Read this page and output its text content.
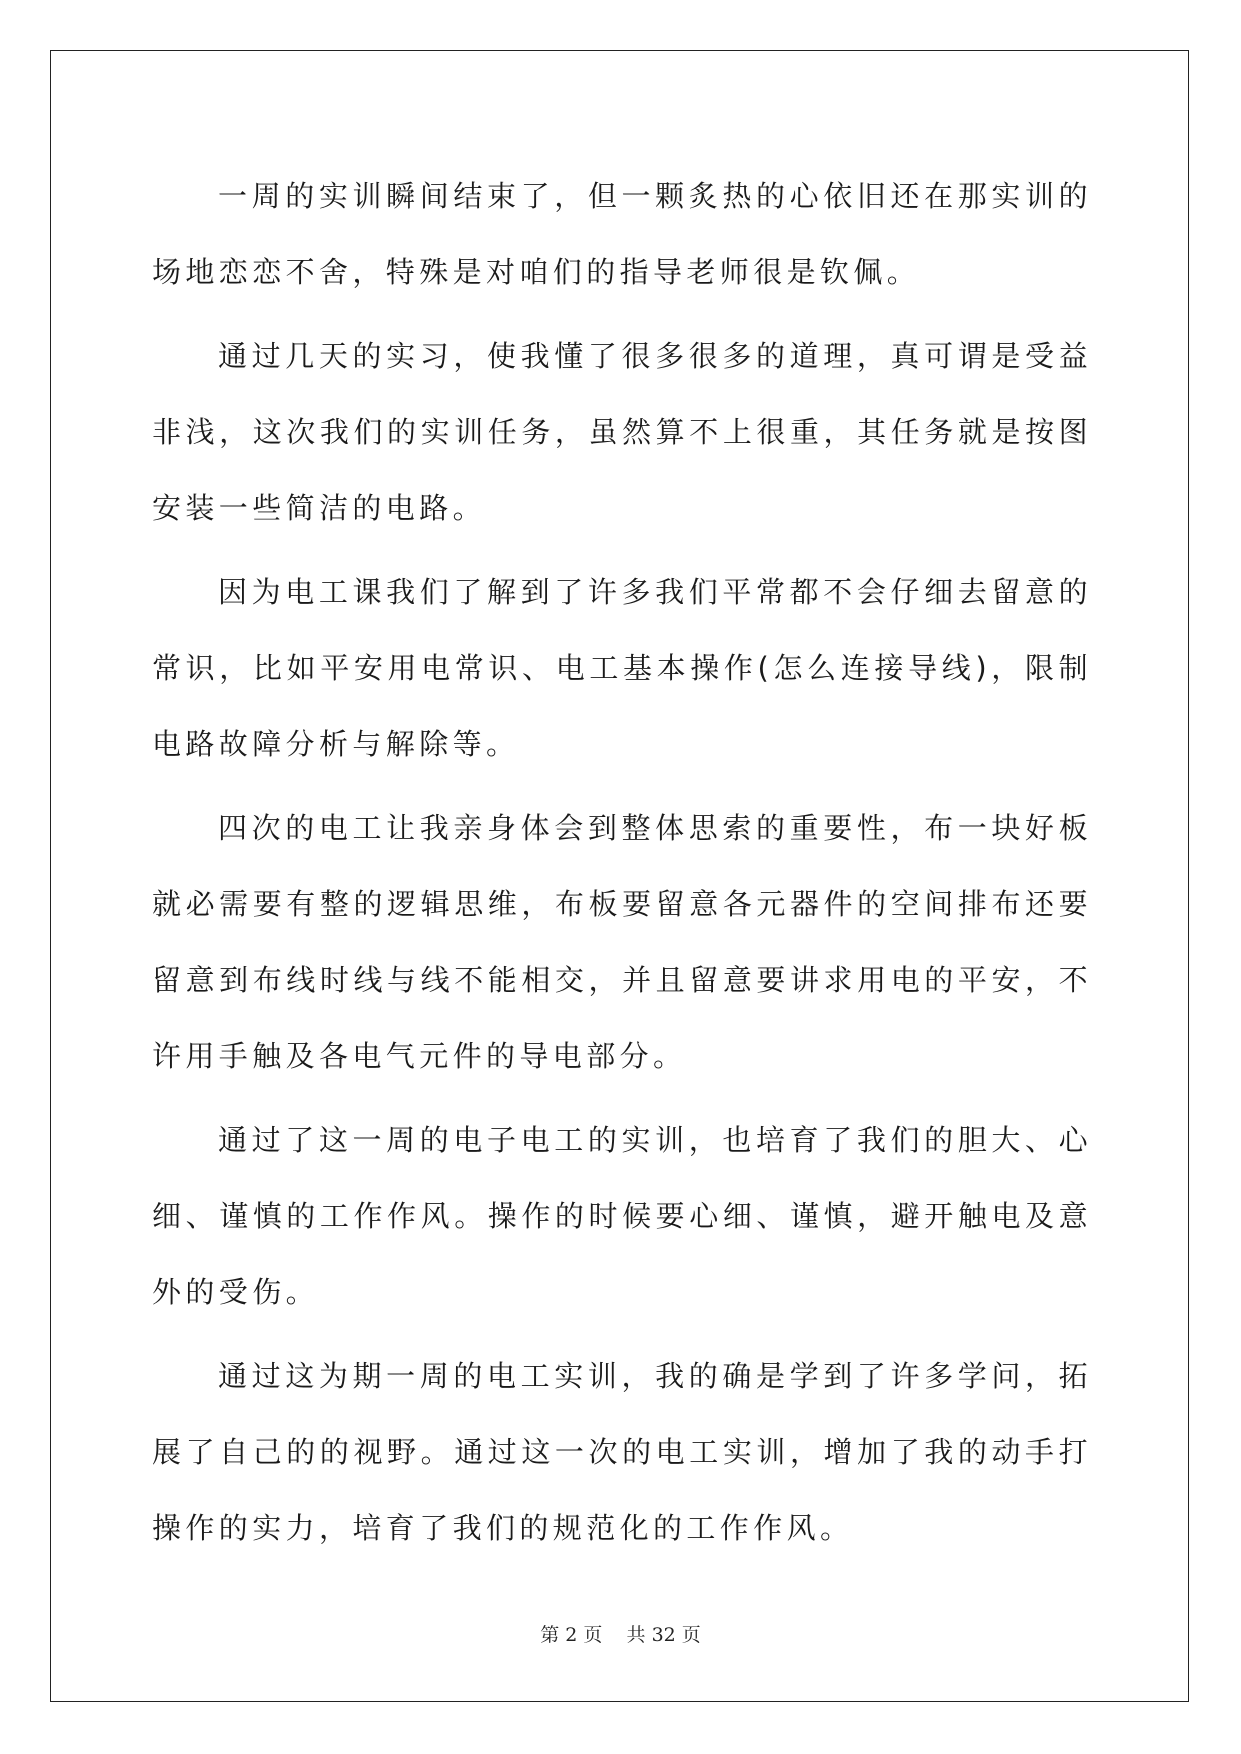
一周的实训瞬间结束了，但一颗炙热的心依旧还在那实训的场地恋恋不舍，特殊是对咱们的指导老师很是钦佩。

通过几天的实习，使我懂了很多很多的道理，真可谓是受益非浅，这次我们的实训任务，虽然算不上很重，其任务就是按图安装一些简洁的电路。

因为电工课我们了解到了许多我们平常都不会仔细去留意的常识，比如平安用电常识、电工基本操作(怎么连接导线)，限制电路故障分析与解除等。

四次的电工让我亲身体会到整体思索的重要性，布一块好板就必需要有整的逻辑思维，布板要留意各元器件的空间排布还要留意到布线时线与线不能相交，并且留意要讲求用电的平安，不许用手触及各电气元件的导电部分。

通过了这一周的电子电工的实训，也培育了我们的胆大、心细、谨慎的工作作风。操作的时候要心细、谨慎，避开触电及意外的受伤。

通过这为期一周的电工实训，我的确是学到了许多学问，拓展了自己的的视野。通过这一次的电工实训，增加了我的动手打操作的实力，培育了我们的规范化的工作作风。

第 2 页    共 32 页
